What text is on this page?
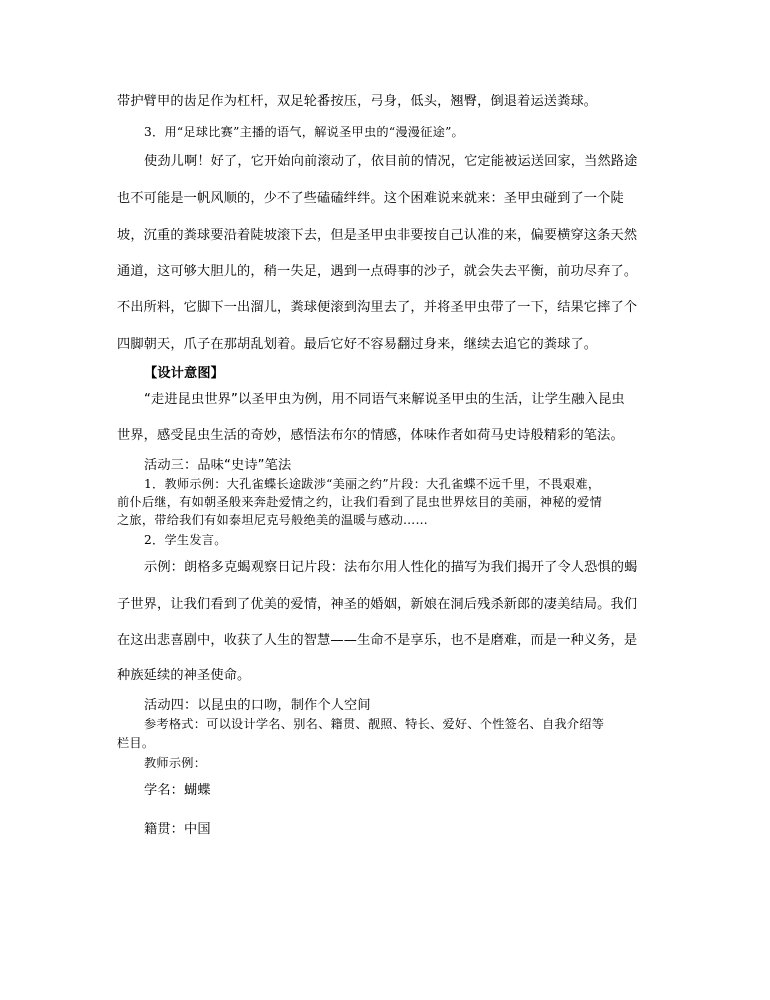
带护臂甲的齿足作为杠杆，双足轮番按压，弓身，低头，翘臀，倒退着运送粪球。
3．用“足球比赛”主播的语气，解说圣甲虫的“漫漫征途”。
使劲儿啊！好了，它开始向前滚动了，依目前的情况，它定能被运送回家，当然路途
也不可能是一帆风顺的，少不了些磕磕绊绊。这个困难说来就来：圣甲虫碰到了一个陡
坡，沉重的粪球要沿着陡坡滚下去，但是圣甲虫非要按自己认准的来，偏要横穿这条天然
通道，这可够大胆儿的，稍一失足，遇到一点碍事的沙子，就会失去平衡，前功尽弃了。
不出所料，它脚下一出溜儿，粪球便滚到沟里去了，并将圣甲虫带了一下，结果它摔了个
四脚朝天，爪子在那胡乱划着。最后它好不容易翻过身来，继续去追它的粪球了。
【设计意图】
“走进昆虫世界”以圣甲虫为例，用不同语气来解说圣甲虫的生活，让学生融入昆虫
世界，感受昆虫生活的奇妙，感悟法布尔的情感，体味作者如荷马史诗般精彩的笔法。
活动三：品味“史诗”笔法
1．教师示例：大孔雀蝶长途跋涉“美丽之约”片段：大孔雀蝶不远千里，不畏艰难，
前仆后继，有如朝圣般来奔赴爱情之约，让我们看到了昆虫世界炫目的美丽，神秘的爱情
之旅，带给我们有如泰坦尼克号般绝美的温暖与感动……
2．学生发言。
示例：朗格多克蝎观察日记片段：法布尔用人性化的描写为我们揭开了令人恐惧的蝎
子世界，让我们看到了优美的爱情，神圣的婚姻，新娘在洞后残杀新郎的凄美结局。我们
在这出悲喜剧中，收获了人生的智慧——生命不是享乐，也不是磨难，而是一种义务，是
种族延续的神圣使命。
活动四：以昆虫的口吻，制作个人空间
参考格式：可以设计学名、别名、籍贯、靓照、特长、爱好、个性签名、自我介绍等
栏目。
教师示例：
学名：蝴蝶
籍贯：中国
